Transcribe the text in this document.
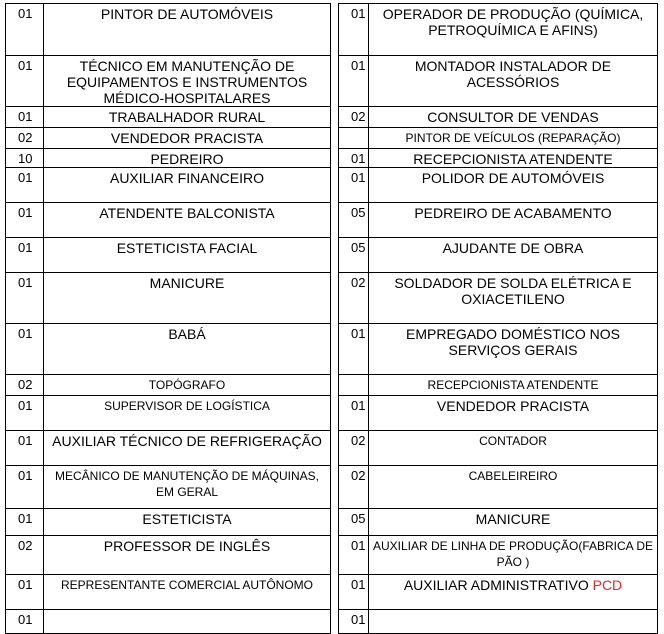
01	PINTOR DE AUTOMÓVEIS		01	OPERADOR DE PRODUÇÃO (QUÍMICA, PETROQUÍMICA E AFINS)
01	TÉCNICO EM MANUTENÇÃO DE EQUIPAMENTOS E INSTRUMENTOS MÉDICO-HOSPITALARES		01	MONTADOR INSTALADOR DE ACESSÓRIOS
01	TRABALHADOR RURAL		02	CONSULTOR DE VENDAS
02	VENDEDOR PRACISTA			PINTOR DE VEÍCULOS (REPARAÇÃO)
10	PEDREIRO		01	RECEPCIONISTA ATENDENTE
01	AUXILIAR FINANCEIRO		01	POLIDOR DE AUTOMÓVEIS
01	ATENDENTE BALCONISTA		05	PEDREIRO DE ACABAMENTO
01	ESTETICISTA FACIAL		05	AJUDANTE DE OBRA
01	MANICURE		02	SOLDADOR DE SOLDA ELÉTRICA E OXIACETILENO
01	BABÁ		01	EMPREGADO DOMÉSTICO NOS SERVIÇOS GERAIS
02	TOPÓGRAFO			RECEPCIONISTA ATENDENTE
01	SUPERVISOR DE LOGÍSTICA		01	VENDEDOR PRACISTA
01	AUXILIAR TÉCNICO DE REFRIGERAÇÃO		02	CONTADOR
01	MECÂNICO DE MANUTENÇÃO DE MÁQUINAS, EM GERAL		02	CABELEIREIRO
01	ESTETICISTA		05	MANICURE
02	PROFESSOR DE INGLÊS		01	AUXILIAR DE LINHA DE PRODUÇÃO(FABRICA DE PÃO )
01	REPRESENTANTE COMERCIAL AUTÔNOMO		01	AUXILIAR ADMINISTRATIVO PCD
01			01	
